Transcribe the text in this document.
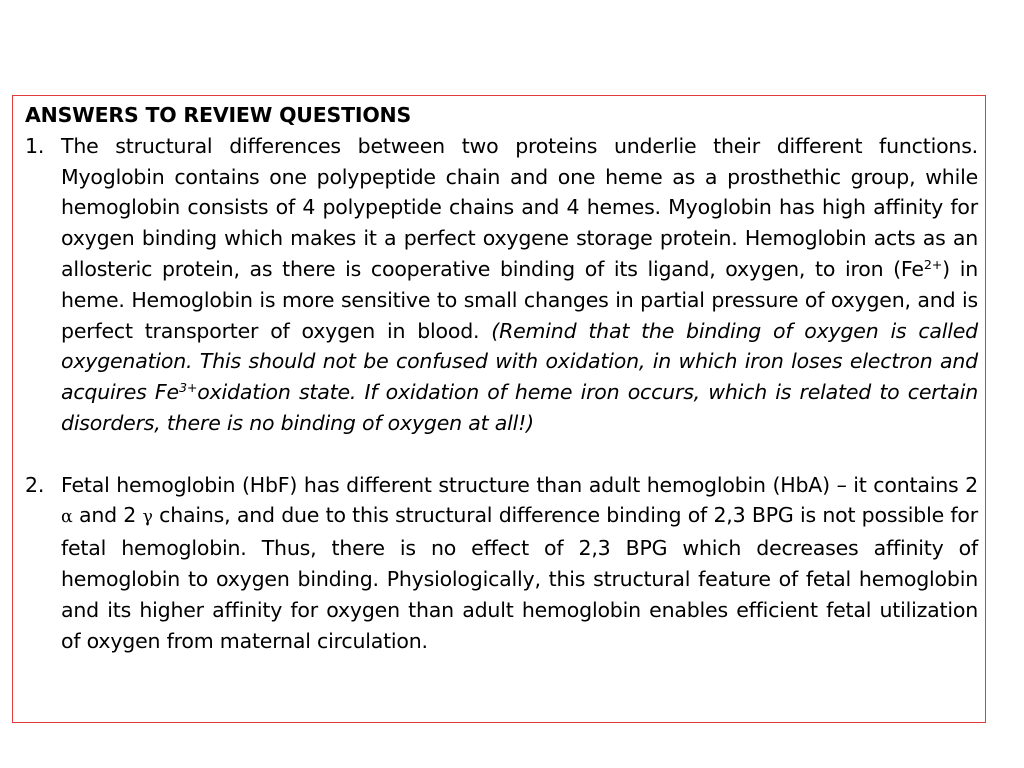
ANSWERS TO REVIEW QUESTIONS

1. The structural differences between two proteins underlie their different functions. Myoglobin contains one polypeptide chain and one heme as a prosthethic group, while hemoglobin consists of 4 polypeptide chains and 4 hemes. Myoglobin has high affinity for oxygen binding which makes it a perfect oxygene storage protein. Hemoglobin acts as an allosteric protein, as there is cooperative binding of its ligand, oxygen, to iron $(Fe^{2+})$ in heme. Hemoglobin is more sensitive to small changes in partial pressure of oxygen, and is perfect transporter of oxygen in blood. (Remind that the binding of oxygen is called oxygenation. This should not be confused with oxidation, in which iron loses electron and acquires $Fe^{3+}oxidation$ state. If oxidation of heme iron occurs, which is related to certain disorders, there is no binding of oxygen at all!)

2. Fetal hemoglobin (HbF) has different structure than adult hemoglobin (HbA) – it contains 2 α and 2 γ chains, and due to this structural difference binding of 2,3 BPG is not possible for fetal hemoglobin. Thus, there is no effect of 2,3 BPG which decreases affinity of hemoglobin to oxygen binding. Physiologically, this structural feature of fetal hemoglobin and its higher affinity for oxygen than adult hemoglobin enables efficient fetal utilization of oxygen from maternal circulation.
